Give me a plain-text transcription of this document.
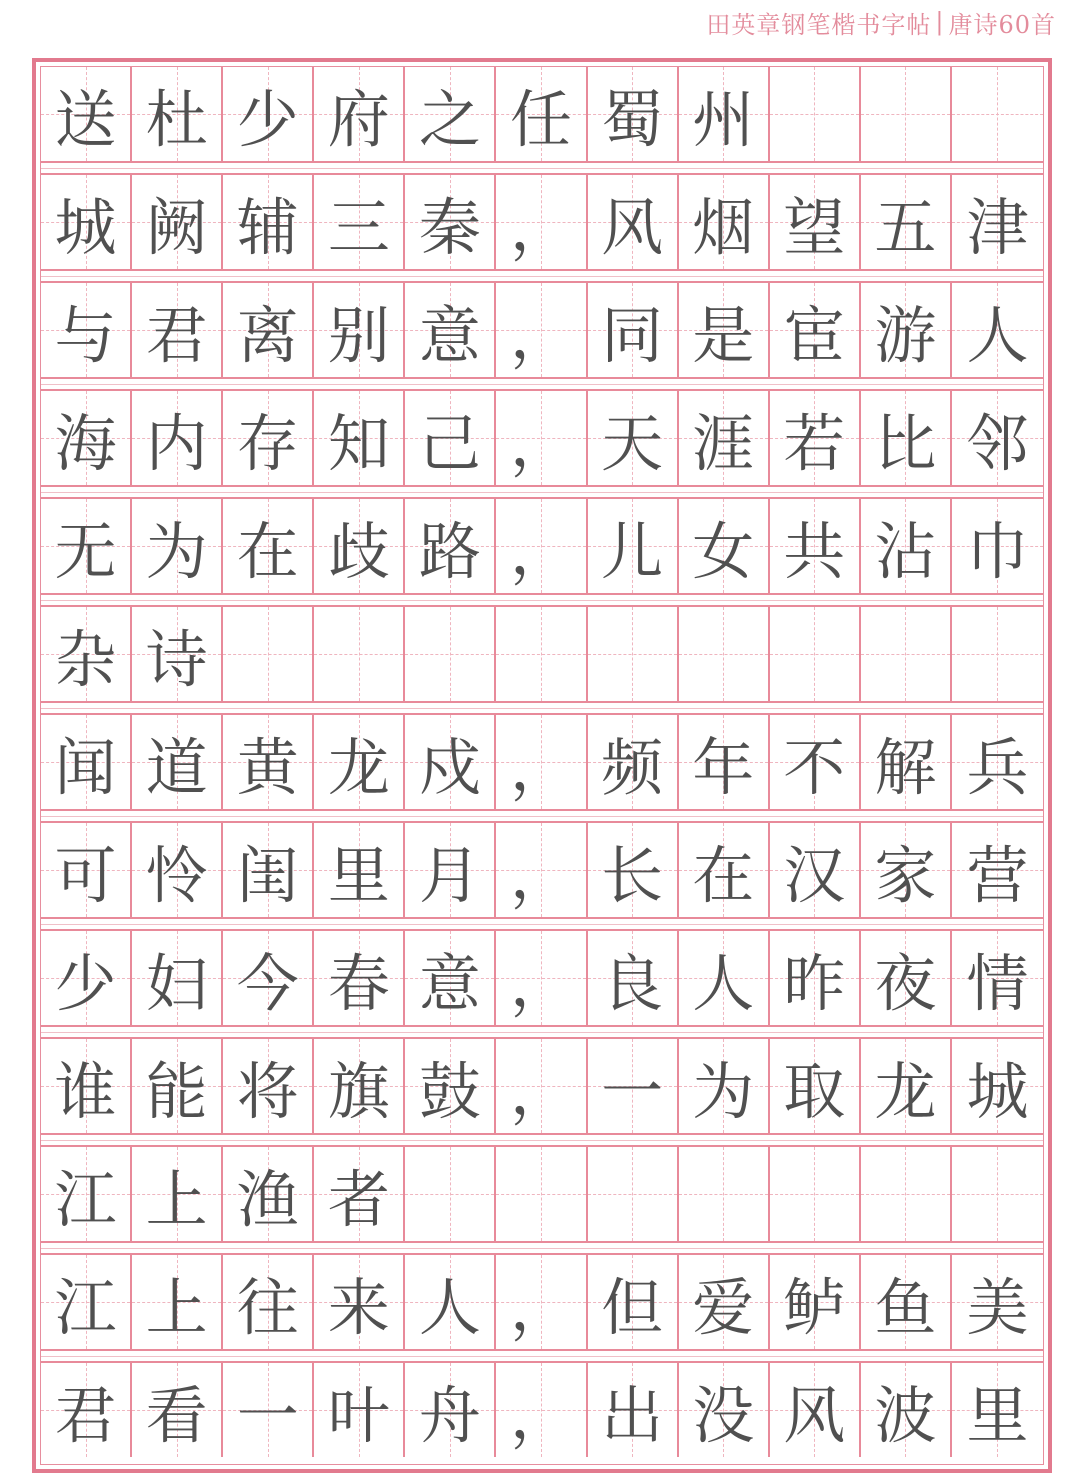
田英章钢笔楷书字帖 | 唐诗60首
送 杜 少 府 之 任 蜀 州
城 阙 辅 三 秦 ， 风 烟 望 五 津
与 君 离 别 意 ， 同 是 宦 游 人
海 内 存 知 己 ， 天 涯 若 比 邻
无 为 在 歧 路 ， 儿 女 共 沾 巾
杂 诗
闻 道 黄 龙 戍 ， 频 年 不 解 兵
可 怜 闺 里 月 ， 长 在 汉 家 营
少 妇 今 春 意 ， 良 人 昨 夜 情
谁 能 将 旗 鼓 ， 一 为 取 龙 城
江 上 渔 者
江 上 往 来 人 ， 但 爱 鲈 鱼 美
君 看 一 叶 舟 ， 出 没 风 波 里
